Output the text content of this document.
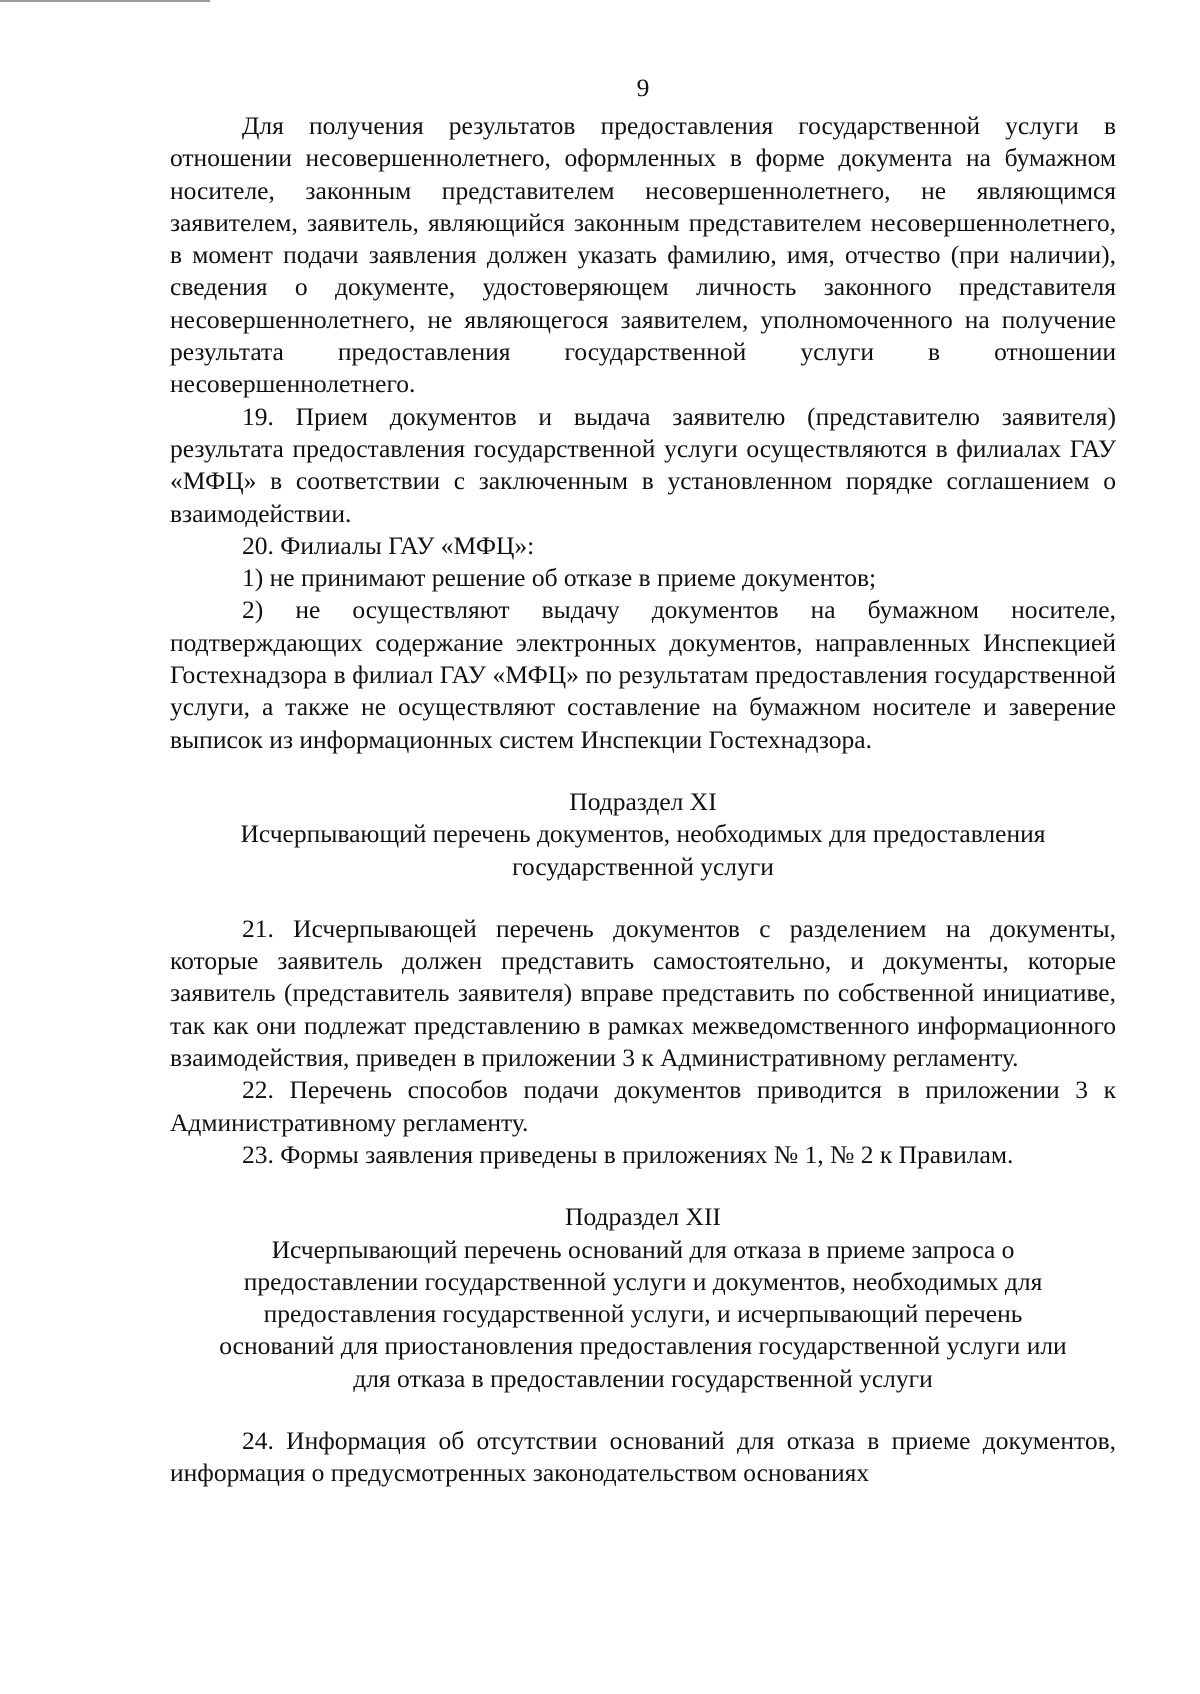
9

Для получения результатов предоставления государственной услуги в отношении несовершеннолетнего, оформленных в форме документа на бумажном носителе, законным представителем несовершеннолетнего, не являющимся заявителем, заявитель, являющийся законным представителем несовершеннолетнего, в момент подачи заявления должен указать фамилию, имя, отчество (при наличии), сведения о документе, удостоверяющем личность законного представителя несовершеннолетнего, не являющегося заявителем, уполномоченного на получение результата предоставления государственной услуги в отношении несовершеннолетнего.

19. Прием документов и выдача заявителю (представителю заявителя) результата предоставления государственной услуги осуществляются в филиалах ГАУ «МФЦ» в соответствии с заключенным в установленном порядке соглашением о взаимодействии.

20. Филиалы ГАУ «МФЦ»:

1) не принимают решение об отказе в приеме документов;

2) не осуществляют выдачу документов на бумажном носителе, подтверждающих содержание электронных документов, направленных Инспекцией Гостехнадзора в филиал ГАУ «МФЦ» по результатам предоставления государственной услуги, а также не осуществляют составление на бумажном носителе и заверение выписок из информационных систем Инспекции Гостехнадзора.

Подраздел XI
Исчерпывающий перечень документов, необходимых для предоставления
государственной услуги

21. Исчерпывающей перечень документов с разделением на документы, которые заявитель должен представить самостоятельно, и документы, которые заявитель (представитель заявителя) вправе представить по собственной инициативе, так как они подлежат представлению в рамках межведомственного информационного взаимодействия, приведен в приложении 3 к Административному регламенту.

22. Перечень способов подачи документов приводится в приложении 3 к Административному регламенту.

23. Формы заявления приведены в приложениях № 1, № 2 к Правилам.

Подраздел XII
Исчерпывающий перечень оснований для отказа в приеме запроса о
предоставлении государственной услуги и документов, необходимых для
предоставления государственной услуги, и исчерпывающий перечень
оснований для приостановления предоставления государственной услуги или
для отказа в предоставлении государственной услуги

24. Информация об отсутствии оснований для отказа в приеме документов, информация о предусмотренных законодательством основаниях
